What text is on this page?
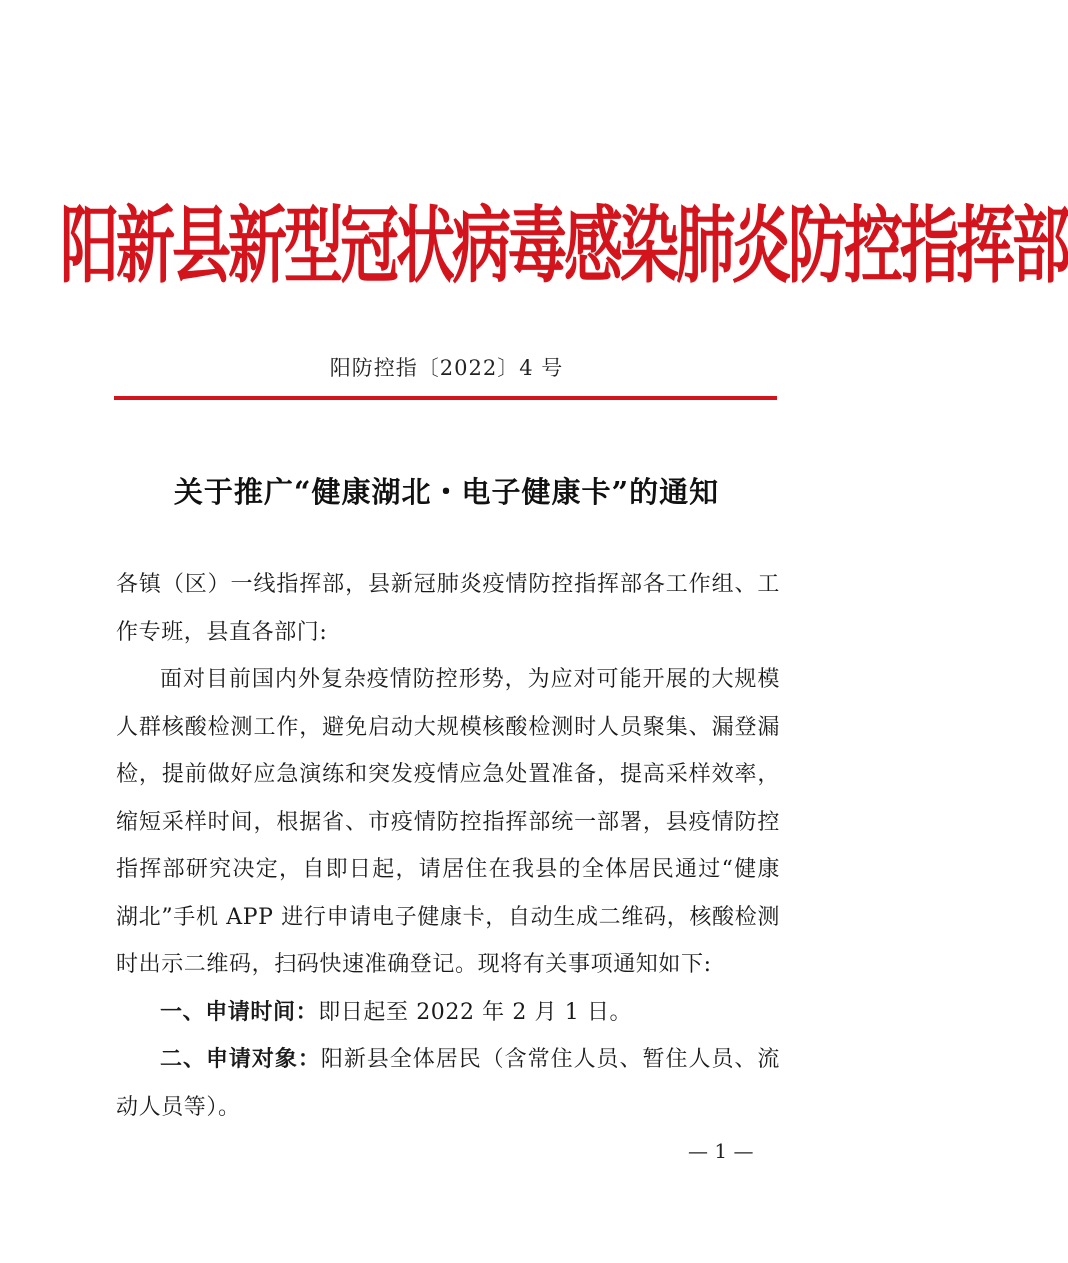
阳新县新型冠状病毒感染肺炎防控指挥部
阳防控指〔2022〕4 号
关于推广“健康湖北・电子健康卡”的通知

各镇（区）一线指挥部，县新冠肺炎疫情防控指挥部各工作组、工作专班，县直各部门:

面对目前国内外复杂疫情防控形势，为应对可能开展的大规模人群核酸检测工作，避免启动大规模核酸检测时人员聚集、漏登漏检，提前做好应急演练和突发疫情应急处置准备，提高采样效率，缩短采样时间，根据省、市疫情防控指挥部统一部署，县疫情防控指挥部研究决定，自即日起，请居住在我县的全体居民通过“健康湖北”手机 APP 进行申请电子健康卡，自动生成二维码，核酸检测时出示二维码，扫码快速准确登记。现将有关事项通知如下:

一、申请时间：即日起至 2022 年 2 月 1 日。

二、申请对象：阳新县全体居民（含常住人员、暂住人员、流动人员等）。

— 1 —
